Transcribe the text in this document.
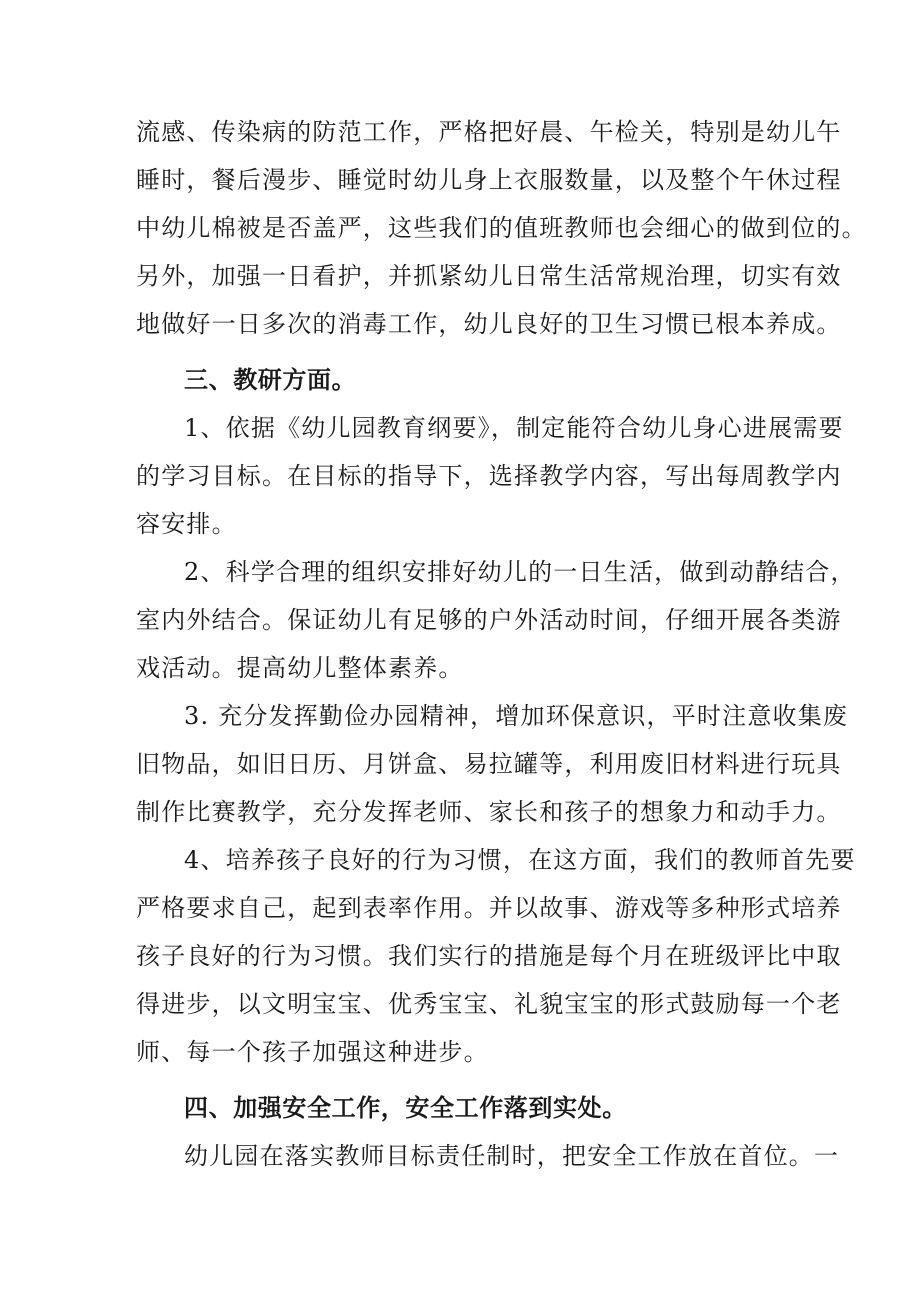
流感、传染病的防范工作，严格把好晨、午检关，特别是幼儿午
睡时，餐后漫步、睡觉时幼儿身上衣服数量，以及整个午休过程
中幼儿棉被是否盖严，这些我们的值班教师也会细心的做到位的。
另外，加强一日看护，并抓紧幼儿日常生活常规治理，切实有效
地做好一日多次的消毒工作，幼儿良好的卫生习惯已根本养成。
三、教研方面。
1、依据《幼儿园教育纲要》，制定能符合幼儿身心进展需要
的学习目标。在目标的指导下，选择教学内容，写出每周教学内
容安排。
2、科学合理的组织安排好幼儿的一日生活，做到动静结合，
室内外结合。保证幼儿有足够的户外活动时间，仔细开展各类游
戏活动。提高幼儿整体素养。
3. 充分发挥勤俭办园精神，增加环保意识，平时注意收集废
旧物品，如旧日历、月饼盒、易拉罐等，利用废旧材料进行玩具
制作比赛教学，充分发挥老师、家长和孩子的想象力和动手力。
4、培养孩子良好的行为习惯，在这方面，我们的教师首先要
严格要求自己，起到表率作用。并以故事、游戏等多种形式培养
孩子良好的行为习惯。我们实行的措施是每个月在班级评比中取
得进步，以文明宝宝、优秀宝宝、礼貌宝宝的形式鼓励每一个老
师、每一个孩子加强这种进步。
四、加强安全工作，安全工作落到实处。
幼儿园在落实教师目标责任制时，把安全工作放在首位。一
